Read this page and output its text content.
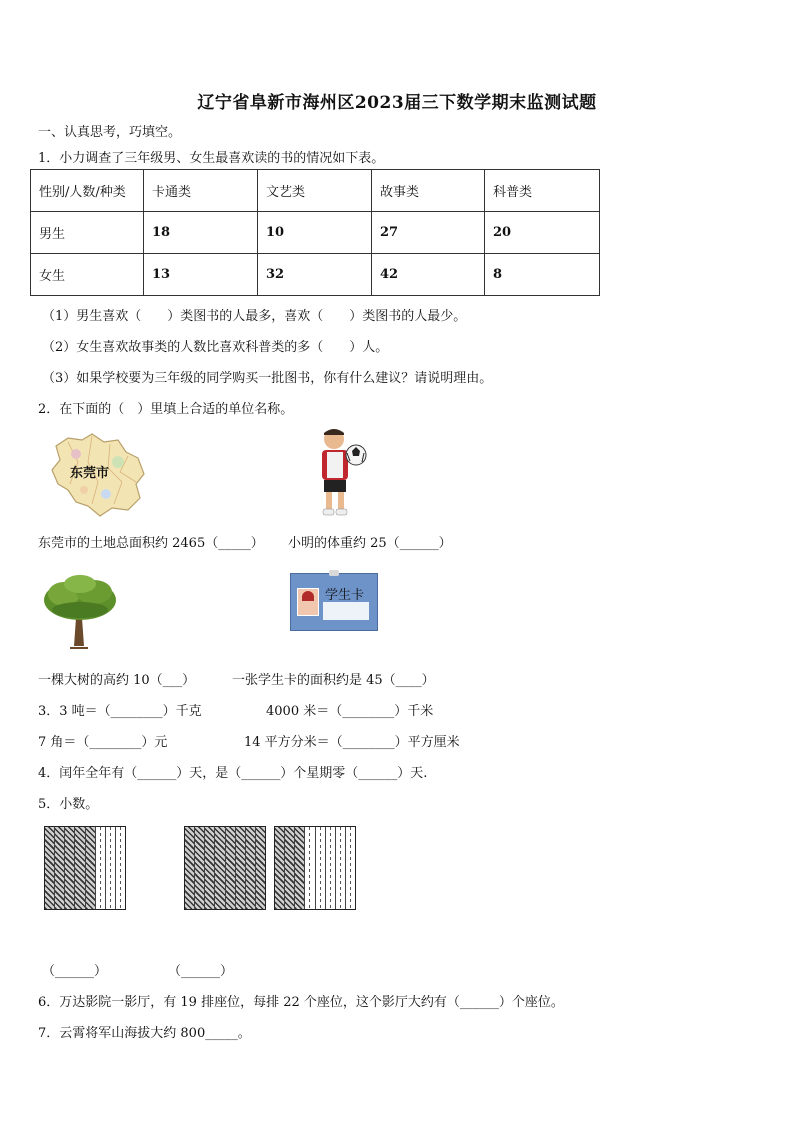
辽宁省阜新市海州区2023届三下数学期末监测试题
一、认真思考，巧填空。
1．小力调查了三年级男、女生最喜欢读的书的情况如下表。
性别/人数/种类	卡通类	文艺类	故事类	科普类
男生	18	10	27	20
女生	13	32	42	8
（1）男生喜欢（　　）类图书的人最多，喜欢（　　）类图书的人最少。
（2）女生喜欢故事类的人数比喜欢科普类的多（　　）人。
（3）如果学校要为三年级的同学购买一批图书，你有什么建议？请说明理由。
2．在下面的（　）里填上合适的单位名称。
东莞市
东莞市的土地总面积约 2465（_____） 小明的体重约 25（______）
学生卡
一棵大树的高约 10（___）	一张学生卡的面积约是 45（____）
3．3 吨＝（________）千克	4000 米＝（________）千米
7 角＝（________）元	14 平方分米＝（________）平方厘米
4．闰年全年有（______）天，是（______）个星期零（______）天.
5．小数。
（______）	（______）
6．万达影院一影厅，有 19 排座位，每排 22 个座位，这个影厅大约有（______）个座位。
7．云霄将军山海拔大约 800_____。
